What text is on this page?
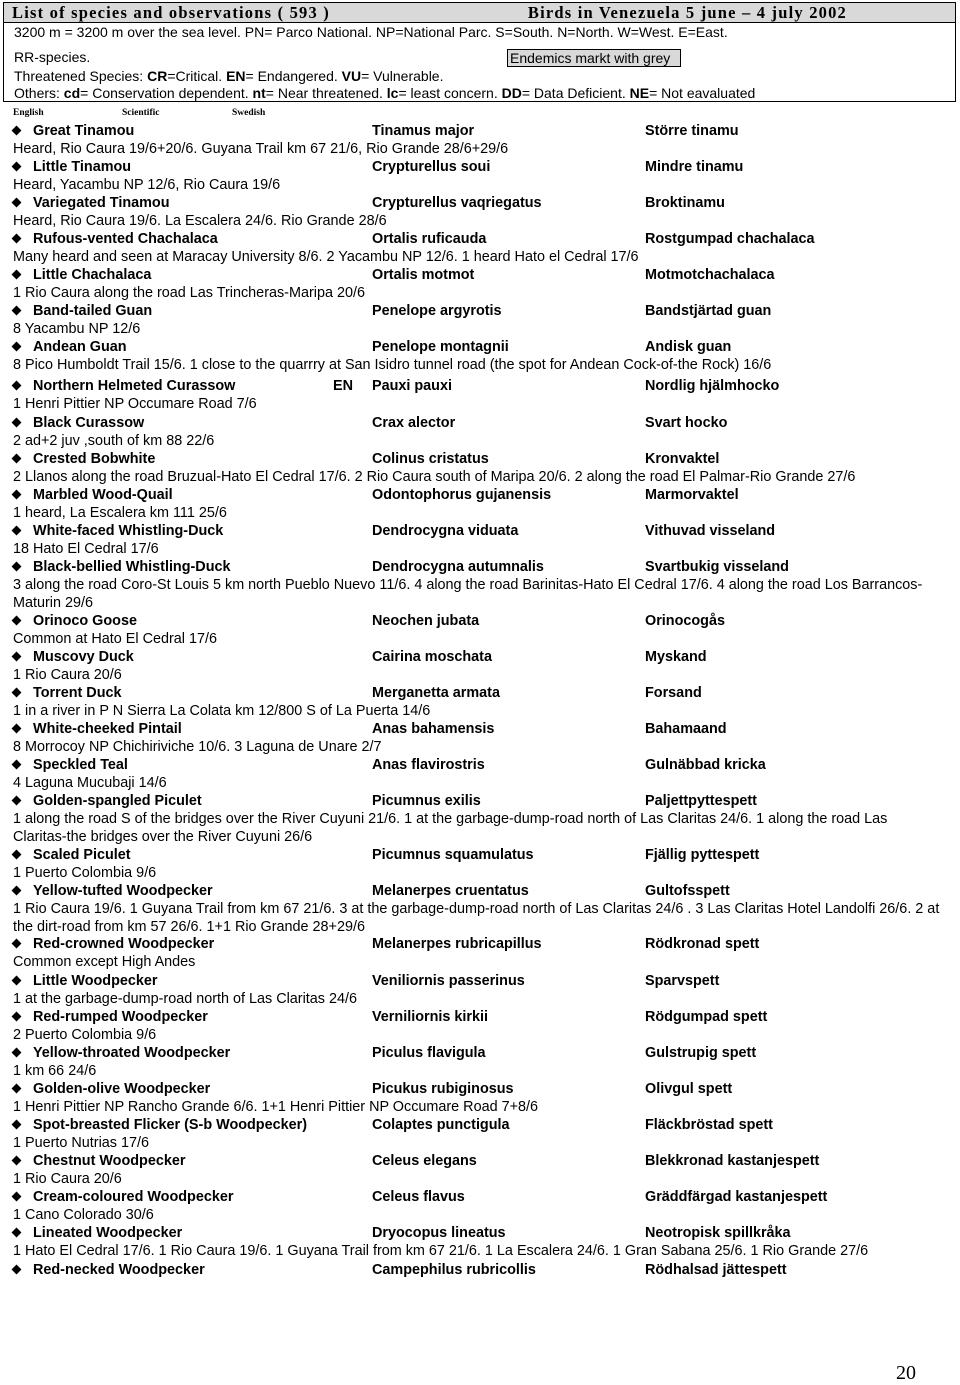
List of species and observations ( 593 )	Birds in Venezuela 5 june – 4 july 2002
3200 m = 3200 m over the sea level. PN= Parco National. NP=National Parc. S=South. N=North. W=West. E=East.
RR-species.	Endemics markt with grey
Threatened Species: CR=Critical. EN= Endangered. VU= Vulnerable.
Others: cd= Conservation dependent. nt= Near threatened. lc= least concern. DD= Data Deficient. NE= Not eavaluated
English	Scientific	Swedish
Great Tinamou	Tinamus major	Större tinamu
Heard, Rio Caura 19/6+20/6. Guyana Trail km 67 21/6, Rio Grande 28/6+29/6
Little Tinamou	Crypturellus soui	Mindre tinamu
Heard, Yacambu NP 12/6, Rio Caura 19/6
Variegated Tinamou	Crypturellus vaqriegatus	Broktinamu
Heard, Rio Caura 19/6. La Escalera 24/6. Rio Grande 28/6
Rufous-vented Chachalaca	Ortalis ruficauda	Rostgumpad chachalaca
Many heard and seen at Maracay University 8/6. 2 Yacambu NP 12/6. 1 heard Hato el Cedral 17/6
Little Chachalaca	Ortalis motmot	Motmotchachalaca
1 Rio Caura along the road Las Trincheras-Maripa 20/6
Band-tailed Guan	Penelope argyrotis	Bandstjärtad guan
8 Yacambu NP 12/6
Andean Guan	Penelope montagnii	Andisk guan
8 Pico Humboldt Trail 15/6. 1 close to the quarrry at San Isidro tunnel road (the spot for Andean Cock-of-the Rock) 16/6
Northern Helmeted Curassow	EN Pauxi pauxi	Nordlig hjälmhocko
1 Henri Pittier NP Occumare Road 7/6
Black Curassow	Crax alector	Svart hocko
2 ad+2 juv ,south of km 88 22/6
Crested Bobwhite	Colinus cristatus	Kronvaktel
2 Llanos along the road Bruzual-Hato El Cedral 17/6. 2 Rio Caura south of Maripa 20/6. 2 along the road El Palmar-Rio Grande 27/6
Marbled Wood-Quail	Odontophorus gujanensis	Marmorvaktel
1 heard, La Escalera km 111 25/6
White-faced Whistling-Duck	Dendrocygna viduata	Vithuvad visseland
18 Hato El Cedral 17/6
Black-bellied Whistling-Duck	Dendrocygna autumnalis	Svartbukig visseland
3 along the road Coro-St Louis 5 km north Pueblo Nuevo 11/6. 4 along the road Barinitas-Hato El Cedral 17/6. 4 along the road Los Barrancos-Maturin 29/6
Orinoco Goose	Neochen jubata	Orinocogås
Common at Hato El Cedral 17/6
Muscovy Duck	Cairina moschata	Myskand
1 Rio Caura 20/6
Torrent Duck	Merganetta armata	Forsand
1 in a river in P N Sierra La Colata km 12/800 S of La Puerta 14/6
White-cheeked Pintail	Anas bahamensis	Bahamaand
8 Morrocoy NP Chichiriviche 10/6. 3 Laguna de Unare 2/7
Speckled Teal	Anas flavirostris	Gulnäbbad kricka
4 Laguna Mucubaji 14/6
Golden-spangled Piculet	Picumnus exilis	Paljettpyttespett
1 along the road S of the bridges over the River Cuyuni 21/6. 1 at the garbage-dump-road north of Las Claritas 24/6. 1 along the road Las Claritas-the bridges over the River Cuyuni 26/6
Scaled Piculet	Picumnus squamulatus	Fjällig pyttespett
1 Puerto Colombia 9/6
Yellow-tufted Woodpecker	Melanerpes cruentatus	Gultofsspett
1 Rio Caura 19/6. 1 Guyana Trail from km 67 21/6. 3 at the garbage-dump-road north of Las Claritas 24/6 . 3 Las Claritas Hotel Landolfi 26/6. 2 at the dirt-road from km 57 26/6. 1+1 Rio Grande 28+29/6
Red-crowned Woodpecker	Melanerpes rubricapillus	Rödkronad spett
Common except High Andes
Little Woodpecker	Veniliornis passerinus	Sparvspett
1 at the garbage-dump-road north of Las Claritas 24/6
Red-rumped Woodpecker	Verniliornis kirkii	Rödgumpad spett
2 Puerto Colombia 9/6
Yellow-throated Woodpecker	Piculus flavigula	Gulstrupig spett
1 km 66 24/6
Golden-olive Woodpecker	Picukus rubiginosus	Olivgul spett
1 Henri Pittier NP Rancho Grande 6/6. 1+1 Henri Pittier NP Occumare Road 7+8/6
Spot-breasted Flicker (S-b Woodpecker)	Colaptes punctigula	Fläckbröstad spett
1 Puerto Nutrias 17/6
Chestnut Woodpecker	Celeus elegans	Blekkronad kastanjespett
1 Rio Caura 20/6
Cream-coloured Woodpecker	Celeus flavus	Gräddfärgad kastanjespett
1 Cano Colorado 30/6
Lineated Woodpecker	Dryocopus lineatus	Neotropisk spillkråka
1 Hato El Cedral 17/6. 1 Rio Caura 19/6. 1 Guyana Trail from km 67 21/6. 1 La Escalera 24/6. 1 Gran Sabana 25/6. 1 Rio Grande 27/6
Red-necked Woodpecker	Campephilus rubricollis	Rödhalsad jättespett
20
